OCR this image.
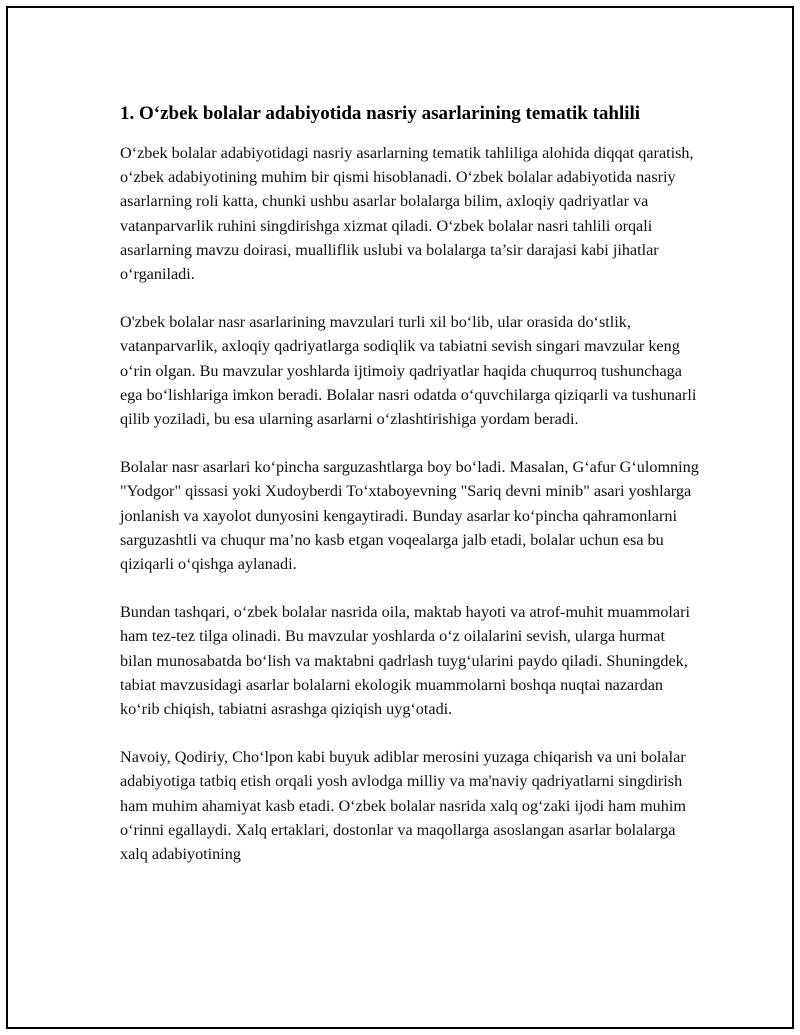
1. O‘zbek bolalar adabiyotida nasriy asarlarining tematik tahlili

O‘zbek bolalar adabiyotidagi nasriy asarlarning tematik tahliliga alohida diqqat qaratish, o‘zbek adabiyotining muhim bir qismi hisoblanadi. O‘zbek bolalar adabiyotida nasriy asarlarning roli katta, chunki ushbu asarlar bolalarga bilim, axloqiy qadriyatlar va vatanparvarlik ruhini singdirishga xizmat qiladi. O‘zbek bolalar nasri tahlili orqali asarlarning mavzu doirasi, mualliflik uslubi va bolalarga ta’sir darajasi kabi jihatlar o‘rganiladi.

O'zbek bolalar nasr asarlarining mavzulari turli xil bo‘lib, ular orasida do‘stlik, vatanparvarlik, axloqiy qadriyatlarga sodiqlik va tabiatni sevish singari mavzular keng o‘rin olgan. Bu mavzular yoshlarda ijtimoiy qadriyatlar haqida chuqurroq tushunchaga ega bo‘lishlariga imkon beradi. Bolalar nasri odatda o‘quvchilarga qiziqarli va tushunarli qilib yoziladi, bu esa ularning asarlarni o‘zlashtirishiga yordam beradi.

Bolalar nasr asarlari ko‘pincha sarguzashtlarga boy bo‘ladi. Masalan, G‘afur G‘ulomning "Yodgor" qissasi yoki Xudoyberdi To‘xtaboyevning "Sariq devni minib" asari yoshlarga jonlanish va xayolot dunyosini kengaytiradi. Bunday asarlar ko‘pincha qahramonlarni sarguzashtli va chuqur ma’no kasb etgan voqealarga jalb etadi, bolalar uchun esa bu qiziqarli o‘qishga aylanadi.

Bundan tashqari, o‘zbek bolalar nasrida oila, maktab hayoti va atrof-muhit muammolari ham tez-tez tilga olinadi. Bu mavzular yoshlarda o‘z oilalarini sevish, ularga hurmat bilan munosabatda bo‘lish va maktabni qadrlash tuyg‘ularini paydo qiladi. Shuningdek, tabiat mavzusidagi asarlar bolalarni ekologik muammolarni boshqa nuqtai nazardan ko‘rib chiqish, tabiatni asrashga qiziqish uyg‘otadi.

Navoiy, Qodiriy, Cho‘lpon kabi buyuk adiblar merosini yuzaga chiqarish va uni bolalar adabiyotiga tatbiq etish orqali yosh avlodga milliy va ma'naviy qadriyatlarni singdirish ham muhim ahamiyat kasb etadi. O‘zbek bolalar nasrida xalq og‘zaki ijodi ham muhim o‘rinni egallaydi. Xalq ertaklari, dostonlar va maqollarga asoslangan asarlar bolalarga xalq adabiyotining
